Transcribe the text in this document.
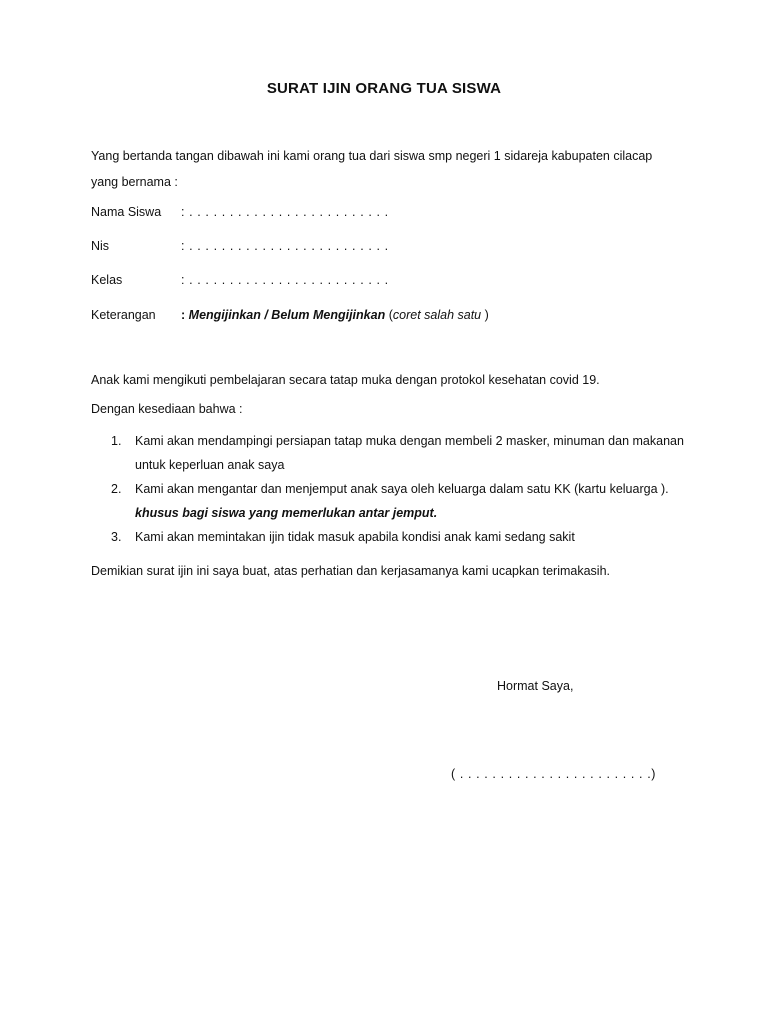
SURAT IJIN ORANG TUA SISWA
Yang bertanda tangan dibawah ini kami orang tua dari siswa smp negeri 1 sidareja kabupaten cilacap yang bernama :
Nama Siswa : . . . . . . . . . . . . . . . . . . . . . . . . .
Nis	: . . . . . . . . . . . . . . . . . . . . . . . . .
Kelas	: . . . . . . . . . . . . . . . . . . . . . . . . .
Keterangan : Mengijinkan / Belum Mengijinkan (coret salah satu )
Anak kami mengikuti pembelajaran secara tatap muka dengan protokol kesehatan covid 19.
Dengan kesediaan bahwa :
1. Kami akan mendampingi persiapan tatap muka dengan membeli 2 masker, minuman dan makanan untuk keperluan anak saya
2. Kami akan mengantar dan menjemput anak saya oleh keluarga dalam satu KK (kartu keluarga ). khusus bagi siswa yang memerlukan antar jemput.
3. Kami akan memintakan ijin tidak masuk apabila kondisi anak kami sedang sakit
Demikian surat ijin ini saya buat, atas perhatian dan kerjasamanya kami ucapkan terimakasih.
Hormat Saya,
( . . . . . . . . . . . . . . . . . . . . . . . .)
